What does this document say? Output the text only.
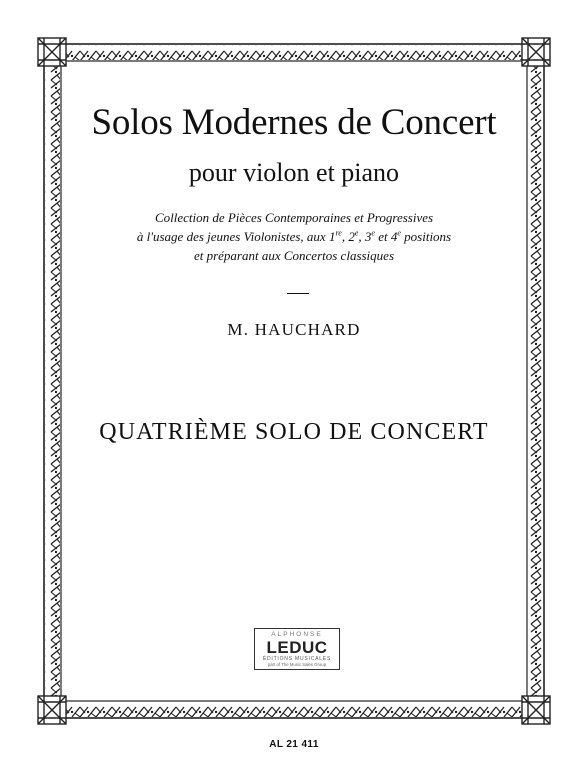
Solos Modernes de Concert
pour violon et piano
Collection de Pièces Contemporaines et Progressives
à l'usage des jeunes Violonistes, aux 1re, 2e, 3e et 4e positions
et préparant aux Concertos classiques
M. HAUCHARD
QUATRIÈME SOLO DE CONCERT
ALPHONSE
LEDUC
ÉDITIONS MUSICALES
part of The Music Sales Group
AL 21 411
